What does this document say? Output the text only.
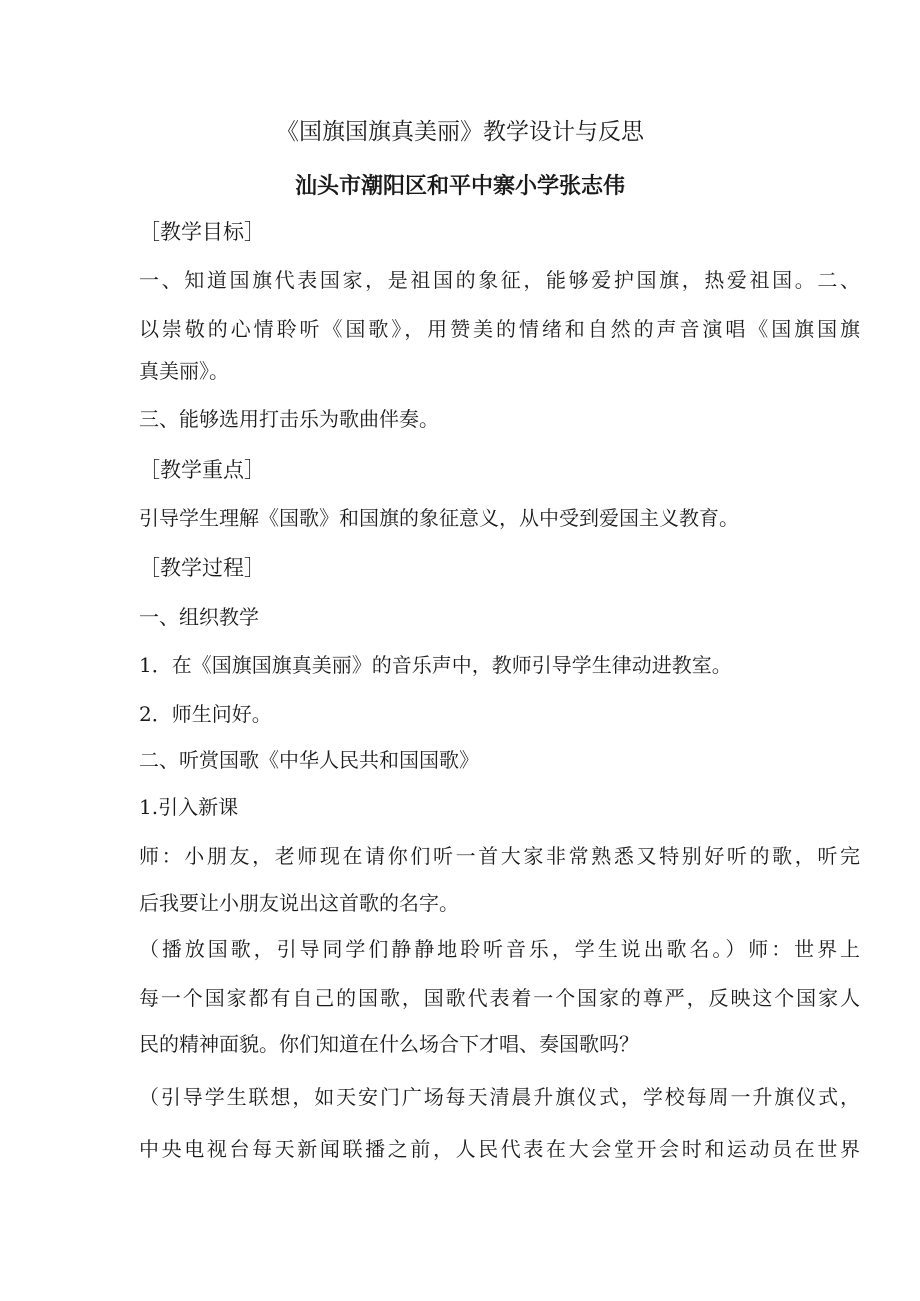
《国旗国旗真美丽》教学设计与反思
汕头市潮阳区和平中寨小学张志伟
［教学目标］
一、知道国旗代表国家，是祖国的象征，能够爱护国旗，热爱祖国。二、
以崇敬的心情聆听《国歌》，用赞美的情绪和自然的声音演唱《国旗国旗
真美丽》。
三、能够选用打击乐为歌曲伴奏。
［教学重点］
引导学生理解《国歌》和国旗的象征意义，从中受到爱国主义教育。
［教学过程］
一、组织教学
1．在《国旗国旗真美丽》的音乐声中，教师引导学生律动进教室。
2．师生问好。
二、听赏国歌《中华人民共和国国歌》
1.引入新课
师：小朋友，老师现在请你们听一首大家非常熟悉又特别好听的歌，听完
后我要让小朋友说出这首歌的名字。
（播放国歌，引导同学们静静地聆听音乐，学生说出歌名。）师：世界上
每一个国家都有自己的国歌，国歌代表着一个国家的尊严，反映这个国家人
民的精神面貌。你们知道在什么场合下才唱、奏国歌吗？
（引导学生联想，如天安门广场每天清晨升旗仪式，学校每周一升旗仪式，
中央电视台每天新闻联播之前，人民代表在大会堂开会时和运动员在世界
